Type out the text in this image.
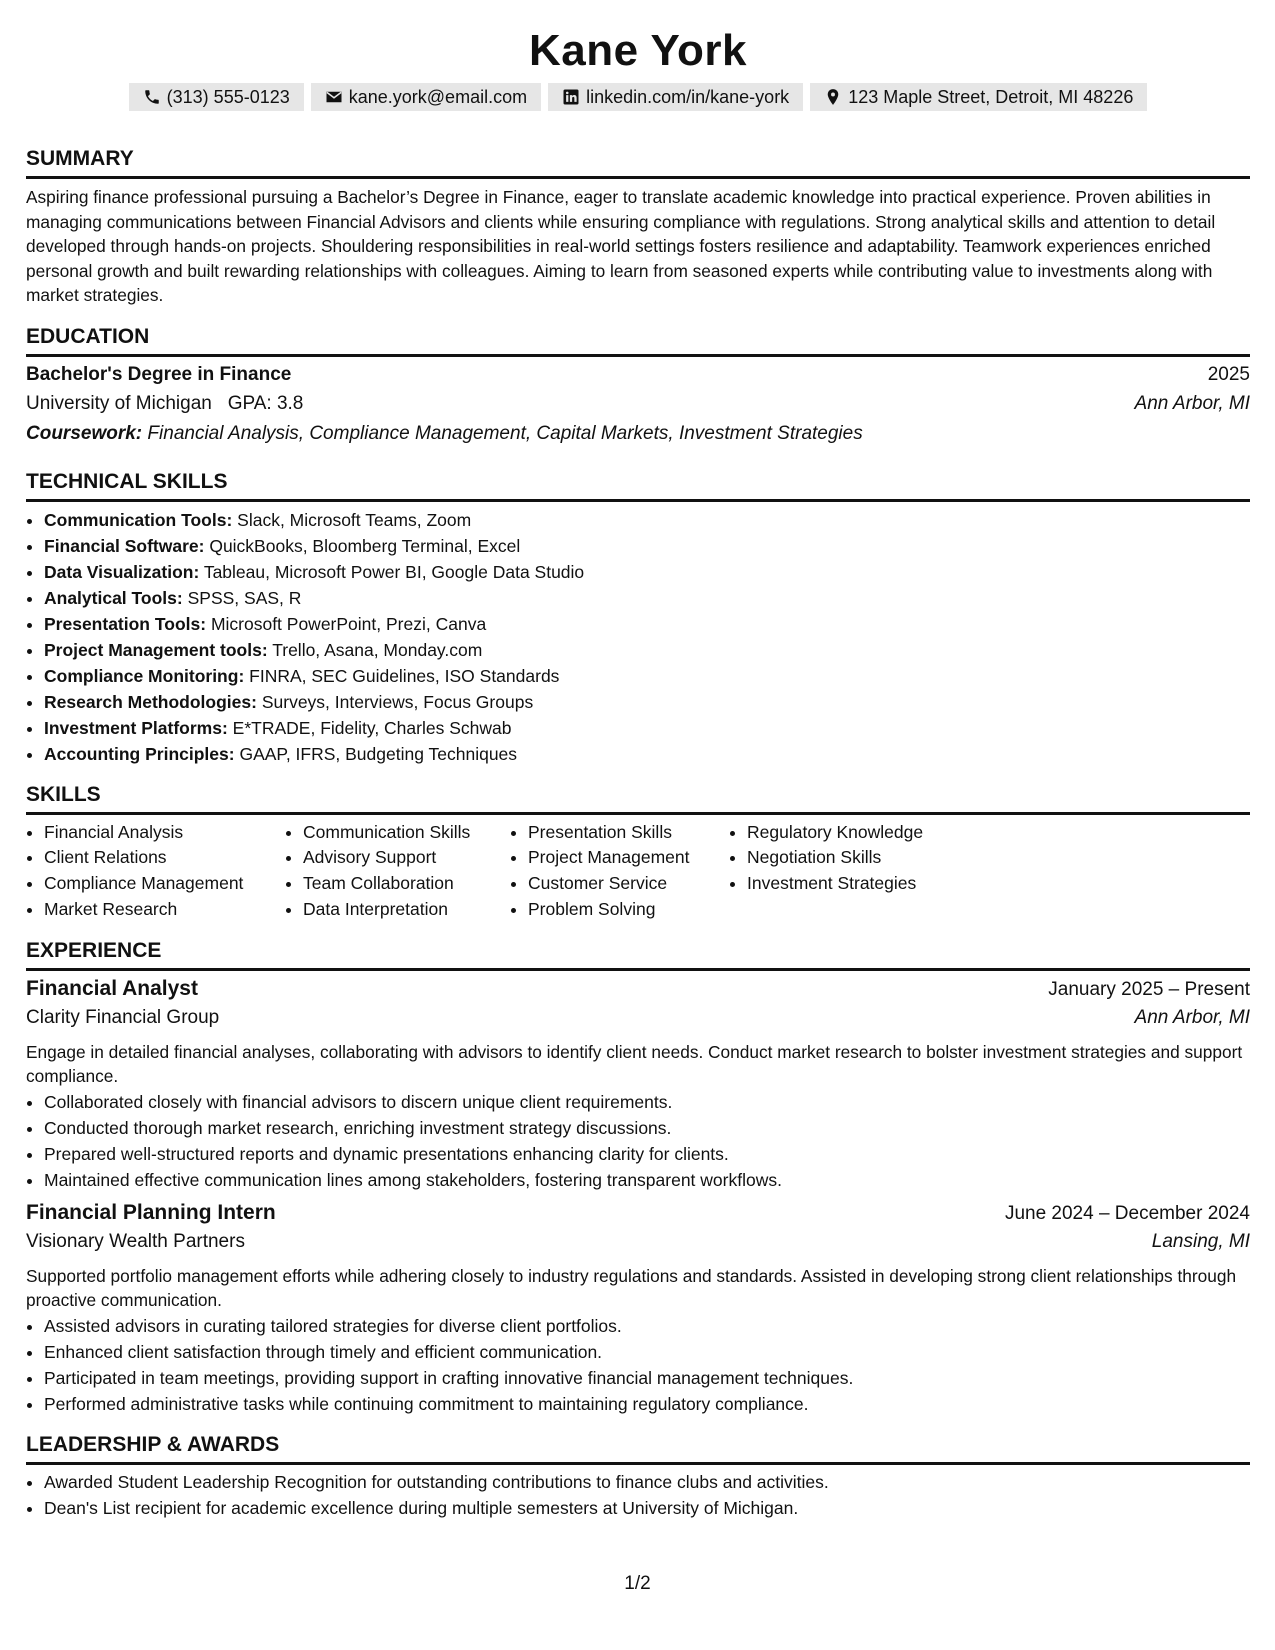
Kane York
(313) 555-0123	kane.york@email.com	linkedin.com/in/kane-york	123 Maple Street, Detroit, MI 48226
SUMMARY
Aspiring finance professional pursuing a Bachelor’s Degree in Finance, eager to translate academic knowledge into practical experience. Proven abilities in managing communications between Financial Advisors and clients while ensuring compliance with regulations. Strong analytical skills and attention to detail developed through hands-on projects. Shouldering responsibilities in real-world settings fosters resilience and adaptability. Teamwork experiences enriched personal growth and built rewarding relationships with colleagues. Aiming to learn from seasoned experts while contributing value to investments along with market strategies.
EDUCATION
Bachelor's Degree in Finance	2025
University of Michigan GPA: 3.8	Ann Arbor, MI
Coursework: Financial Analysis, Compliance Management, Capital Markets, Investment Strategies
TECHNICAL SKILLS
• Communication Tools: Slack, Microsoft Teams, Zoom
• Financial Software: QuickBooks, Bloomberg Terminal, Excel
• Data Visualization: Tableau, Microsoft Power BI, Google Data Studio
• Analytical Tools: SPSS, SAS, R
• Presentation Tools: Microsoft PowerPoint, Prezi, Canva
• Project Management tools: Trello, Asana, Monday.com
• Compliance Monitoring: FINRA, SEC Guidelines, ISO Standards
• Research Methodologies: Surveys, Interviews, Focus Groups
• Investment Platforms: E*TRADE, Fidelity, Charles Schwab
• Accounting Principles: GAAP, IFRS, Budgeting Techniques
SKILLS
• Financial Analysis
• Client Relations
• Compliance Management
• Market Research
• Communication Skills
• Advisory Support
• Team Collaboration
• Data Interpretation
• Presentation Skills
• Project Management
• Customer Service
• Problem Solving
• Regulatory Knowledge
• Negotiation Skills
• Investment Strategies
EXPERIENCE
Financial Analyst	January 2025 – Present
Clarity Financial Group	Ann Arbor, MI
Engage in detailed financial analyses, collaborating with advisors to identify client needs. Conduct market research to bolster investment strategies and support compliance.
• Collaborated closely with financial advisors to discern unique client requirements.
• Conducted thorough market research, enriching investment strategy discussions.
• Prepared well-structured reports and dynamic presentations enhancing clarity for clients.
• Maintained effective communication lines among stakeholders, fostering transparent workflows.
Financial Planning Intern	June 2024 – December 2024
Visionary Wealth Partners	Lansing, MI
Supported portfolio management efforts while adhering closely to industry regulations and standards. Assisted in developing strong client relationships through proactive communication.
• Assisted advisors in curating tailored strategies for diverse client portfolios.
• Enhanced client satisfaction through timely and efficient communication.
• Participated in team meetings, providing support in crafting innovative financial management techniques.
• Performed administrative tasks while continuing commitment to maintaining regulatory compliance.
LEADERSHIP & AWARDS
• Awarded Student Leadership Recognition for outstanding contributions to finance clubs and activities.
• Dean's List recipient for academic excellence during multiple semesters at University of Michigan.
1/2
